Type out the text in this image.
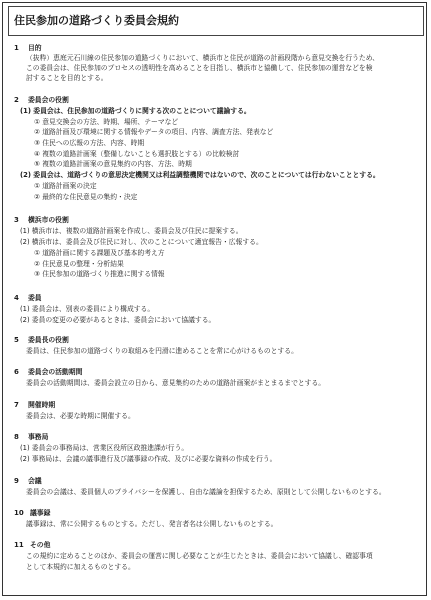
住民参加の道路づくり委員会規約
1 目的
（抜粋）恵庭元石川線の住民参加の道路づくりにおいて、横浜市と住民が道路の計画段階から意見交換を行うため、
この委員会は、住民参加のプロセスの透明性を高めることを目指し、横浜市と協働して、住民参加の運営などを検
討することを目的とする。
2 委員会の役割
(1) 委員会は、住民参加の道路づくりに関する次のことについて議論する。
① 意見交換会の方法、時期、場所、テーマなど
② 道路計画及び環境に関する情報やデータの項目、内容、調査方法、発表など
③ 住民への広報の方法、内容、時期
④ 複数の道路計画案（整備しないことも選択肢とする）の比較検討
⑤ 複数の道路計画案の意見集約の内容、方法、時期
(2) 委員会は、道路づくりの意思決定機関又は利益調整機関ではないので、次のことについては行わないこととする。
① 道路計画案の決定
② 最終的な住民意見の集約・決定
3 横浜市の役割
(1) 横浜市は、複数の道路計画案を作成し、委員会及び住民に提案する。
(2) 横浜市は、委員会及び住民に対し、次のことについて適宜報告・広報する。
① 道路計画に関する課題及び基本的考え方
② 住民意見の整理・分析結果
③ 住民参加の道路づくり推進に関する情報
4 委員
(1) 委員会は、別表の委員により構成する。
(2) 委員の変更の必要があるときは、委員会において協議する。
5 委員長の役割
委員は、住民参加の道路づくりの取組みを円滑に進めることを常に心がけるものとする。
6 委員会の活動期間
委員会の活動期間は、委員会設立の日から、意見集約のための道路計画案がまとまるまでとする。
7 開催時期
委員会は、必要な時期に開催する。
8 事務局
(1) 委員会の事務局は、営業区役所区政推進課が行う。
(2) 事務局は、会議の議事進行及び議事録の作成、及びに必要な資料の作成を行う。
9 会議
委員会の会議は、委員個人のプライバシーを保護し、自由な議論を担保するため、原則として公開しないものとする。
10 議事録
議事録は、常に公開するものとする。ただし、発言者名は公開しないものとする。
11 その他
この規約に定めることのほか、委員会の運営に関し必要なことが生じたときは、委員会において協議し、確認事項
として本規約に加えるものとする。
